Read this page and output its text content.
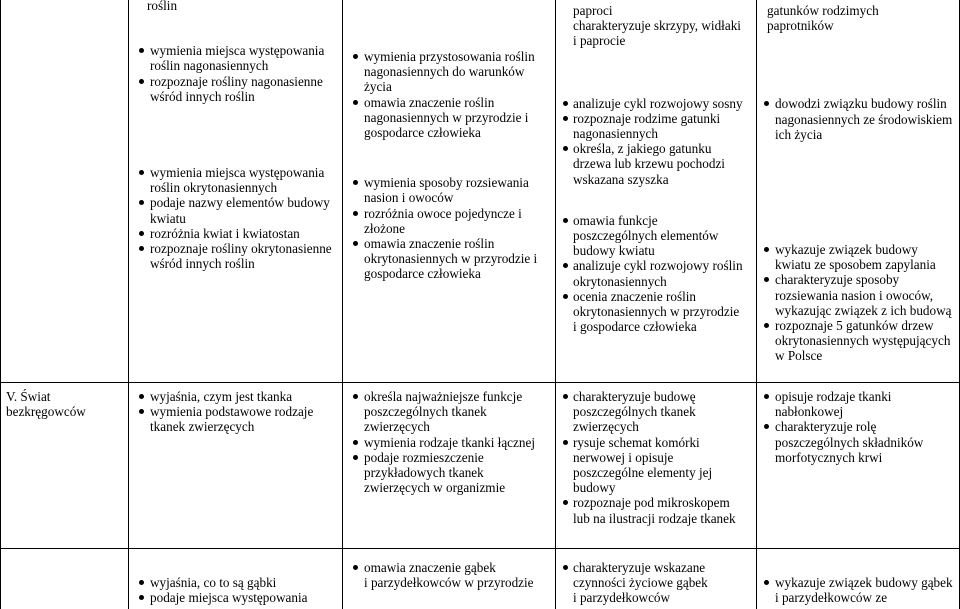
roślin
wymienia miejsca występowania
roślin nagonasiennych
rozpoznaje rośliny nagonasienne
wśród innych roślin
wymienia miejsca występowania
roślin okrytonasiennych
podaje nazwy elementów budowy
kwiatu
rozróżnia kwiat i kwiatostan
rozpoznaje rośliny okrytonasienne
wśród innych roślin
wymienia przystosowania roślin
nagonasiennych do warunków
życia
omawia znaczenie roślin
nagonasiennych w przyrodzie i
gospodarce człowieka
wymienia sposoby rozsiewania
nasion i owoców
rozróżnia owoce pojedyncze i
złożone
omawia znaczenie roślin
okrytonasiennych w przyrodzie i
gospodarce człowieka
paproci
charakteryzuje skrzypy, widłaki
i paprocie
analizuje cykl rozwojowy sosny
rozpoznaje rodzime gatunki
nagonasiennych
określa, z jakiego gatunku
drzewa lub krzewu pochodzi
wskazana szyszka
omawia funkcje
poszczególnych elementów
budowy kwiatu
analizuje cykl rozwojowy roślin
okrytonasiennych
ocenia znaczenie roślin
okrytonasiennych w przyrodzie
i gospodarce człowieka
gatunków rodzimych
paprotników
dowodzi związku budowy roślin
nagonasiennych ze środowiskiem
ich życia
wykazuje związek budowy
kwiatu ze sposobem zapylania
charakteryzuje sposoby
rozsiewania nasion i owoców,
wykazując związek z ich budową
rozpoznaje 5 gatunków drzew
okrytonasiennych występujących
w Polsce
V. Świat
bezkręgowców
wyjaśnia, czym jest tkanka
wymienia podstawowe rodzaje
tkanek zwierzęcych
określa najważniejsze funkcje
poszczególnych tkanek
zwierzęcych
wymienia rodzaje tkanki łącznej
podaje rozmieszczenie
przykładowych tkanek
zwierzęcych w organizmie
charakteryzuje budowę
poszczególnych tkanek
zwierzęcych
rysuje schemat komórki
nerwowej i opisuje
poszczególne elementy jej
budowy
rozpoznaje pod mikroskopem
lub na ilustracji rodzaje tkanek
opisuje rodzaje tkanki
nabłonkowej
charakteryzuje rolę
poszczególnych składników
morfotycznych krwi
wyjaśnia, co to są gąbki
podaje miejsca występowania
omawia znaczenie gąbek
i parzydełkowców w przyrodzie
charakteryzuje wskazane
czynności życiowe gąbek
i parzydełkowców
wykazuje związek budowy gąbek
i parzydełkowców ze
